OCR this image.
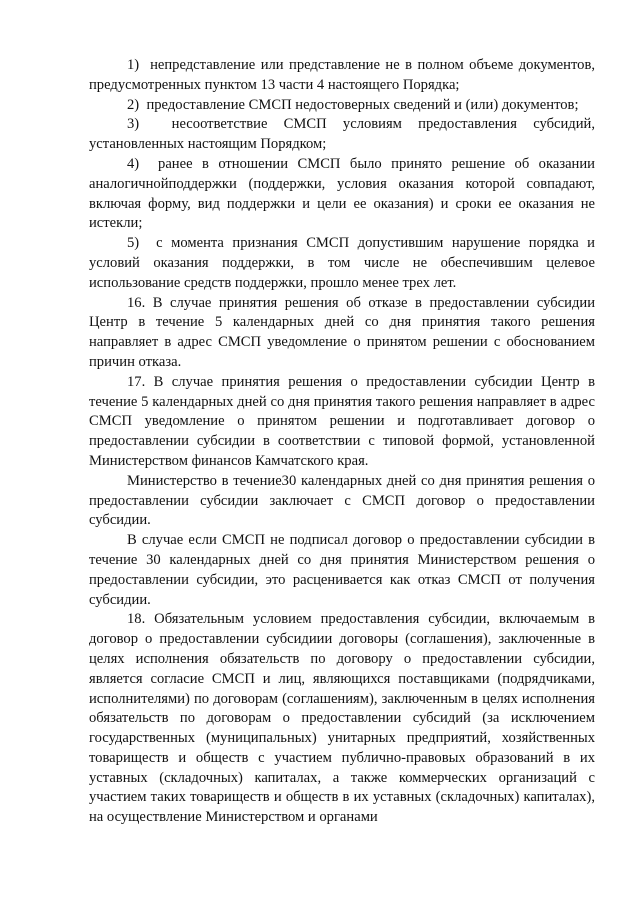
1)  непредставление или представление не в полном объеме документов, предусмотренных пунктом 13 части 4 настоящего Порядка;

2)  предоставление СМСП недостоверных сведений и (или) документов;

3)  несоответствие СМСП условиям предоставления субсидий, установленных настоящим Порядком;

4)  ранее в отношении СМСП было принято решение об оказании аналогичнойподдержки (поддержки, условия оказания которой совпадают, включая форму, вид поддержки и цели ее оказания) и сроки ее оказания не истекли;

5)  с момента признания СМСП допустившим нарушение порядка и условий оказания поддержки, в том числе не обеспечившим целевое использование средств поддержки, прошло менее трех лет.

16. В случае принятия решения об отказе в предоставлении субсидии Центр в течение 5 календарных дней со дня принятия такого решения направляет в адрес СМСП уведомление о принятом решении с обоснованием причин отказа.

17. В случае принятия решения о предоставлении субсидии Центр в течение 5 календарных дней со дня принятия такого решения направляет в адрес СМСП уведомление о принятом решении и подготавливает договор о предоставлении субсидии в соответствии с типовой формой, установленной Министерством финансов Камчатского края.

Министерство в течение30 календарных дней со дня принятия решения о предоставлении субсидии заключает с СМСП договор о предоставлении субсидии.

В случае если СМСП не подписал договор о предоставлении субсидии в течение 30 календарных дней со дня принятия Министерством решения о предоставлении субсидии, это расценивается как отказ СМСП от получения субсидии.

18. Обязательным условием предоставления субсидии, включаемым в договор о предоставлении субсидиии договоры (соглашения), заключенные в целях исполнения обязательств по договору о предоставлении субсидии, является согласие СМСП и лиц, являющихся поставщиками (подрядчиками, исполнителями) по договорам (соглашениям), заключенным в целях исполнения обязательств по договорам о предоставлении субсидий (за исключением государственных (муниципальных) унитарных предприятий, хозяйственных товариществ и обществ с участием публично-правовых образований в их уставных (складочных) капиталах, а также коммерческих организаций с участием таких товариществ и обществ в их уставных (складочных) капиталах), на осуществление Министерством и органами
